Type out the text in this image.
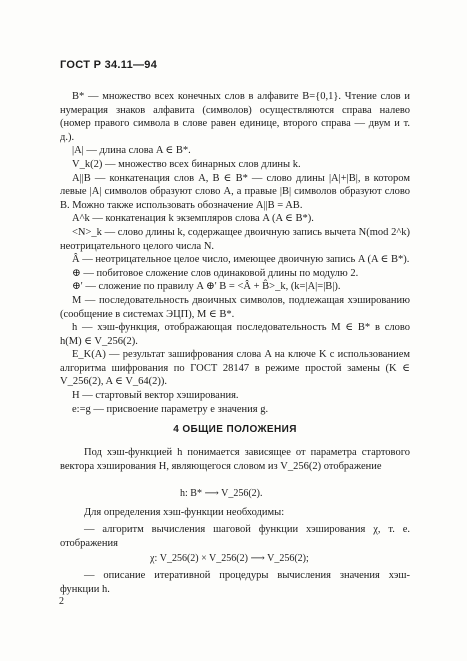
ГОСТ Р 34.11—94

B* — множество всех конечных слов в алфавите B={0,1}. Чтение слов и нумерация знаков алфавита (символов) осуществляются справа налево (номер правого символа в слове равен единице, второго справа — двум и т. д.).

|A| — длина слова A ∈ B*.

V_k(2) — множество всех бинарных слов длины k.

A||B — конкатенация слов A, B ∈ B* — слово длины |A|+|B|, в котором левые |A| символов образуют слово A, а правые |B| символов образуют слово B. Можно также использовать обозначение A||B = AB.

A^k — конкатенация k экземпляров слова A (A ∈ B*).

<N>_k — слово длины k, содержащее двоичную запись вычета N(mod 2^k) неотрицательного целого числа N.

Â — неотрицательное целое число, имеющее двоичную запись A (A ∈ B*).

⊕ — побитовое сложение слов одинаковой длины по модулю 2.

⊕' — сложение по правилу A ⊕' B = <Â + B̂>_k, (k=|A|=|B|).

M — последовательность двоичных символов, подлежащая хэшированию (сообщение в системах ЭЦП), M ∈ B*.

h — хэш-функция, отображающая последовательность M ∈ B* в слово h(M) ∈ V_256(2).

E_K(A) — результат зашифрования слова A на ключе K с использованием алгоритма шифрования по ГОСТ 28147 в режиме простой замены (K ∈ V_256(2), A ∈ V_64(2)).

H — стартовый вектор хэширования.

e:=g — присвоение параметру e значения g.

4 ОБЩИЕ ПОЛОЖЕНИЯ

Под хэш-функцией h понимается зависящее от параметра стартового вектора хэширования H, являющегося словом из V_256(2) отображение

h: B* ⟶ V_256(2).

Для определения хэш-функции необходимы:

— алгоритм вычисления шаговой функции хэширования χ, т. е. отображения

χ: V_256(2) × V_256(2) ⟶ V_256(2);

— описание итеративной процедуры вычисления значения хэш-функции h.

2
